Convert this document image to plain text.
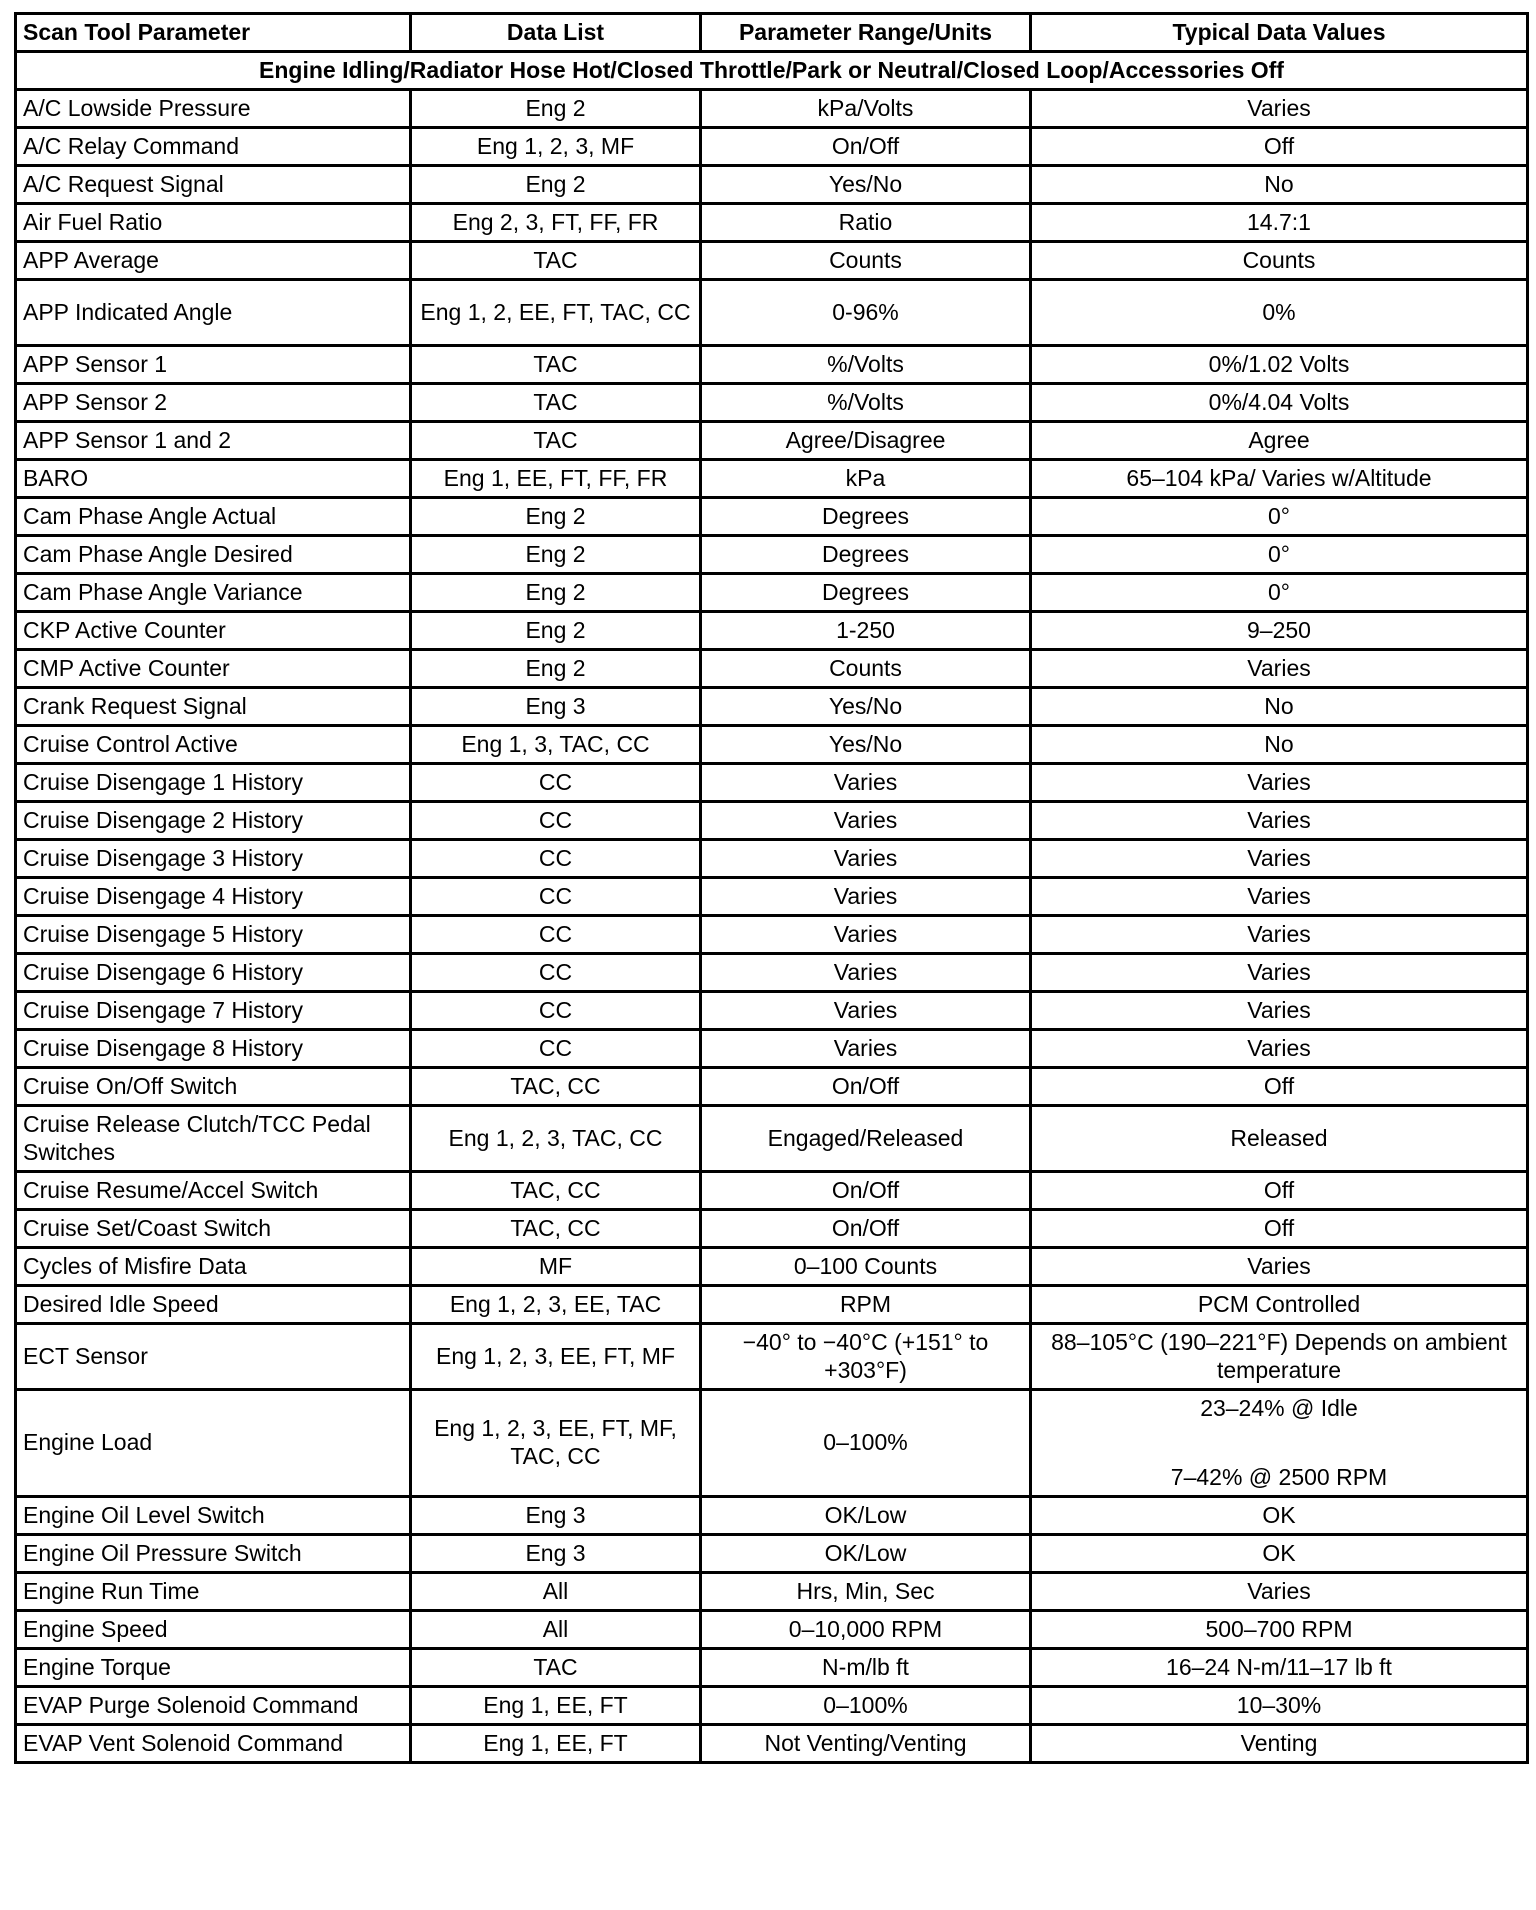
Scan Tool Parameter	Data List	Parameter Range/Units	Typical Data Values
Engine Idling/Radiator Hose Hot/Closed Throttle/Park or Neutral/Closed Loop/Accessories Off			
A/C Lowside Pressure	Eng 2	kPa/Volts	Varies
A/C Relay Command	Eng 1, 2, 3, MF	On/Off	Off
A/C Request Signal	Eng 2	Yes/No	No
Air Fuel Ratio	Eng 2, 3, FT, FF, FR	Ratio	14.7:1
APP Average	TAC	Counts	Counts
APP Indicated Angle	Eng 1, 2, EE, FT, TAC, CC	0-96%	0%
APP Sensor 1	TAC	%/Volts	0%/1.02 Volts
APP Sensor 2	TAC	%/Volts	0%/4.04 Volts
APP Sensor 1 and 2	TAC	Agree/Disagree	Agree
BARO	Eng 1, EE, FT, FF, FR	kPa	65–104 kPa/ Varies w/Altitude
Cam Phase Angle Actual	Eng 2	Degrees	0°
Cam Phase Angle Desired	Eng 2	Degrees	0°
Cam Phase Angle Variance	Eng 2	Degrees	0°
CKP Active Counter	Eng 2	1-250	9–250
CMP Active Counter	Eng 2	Counts	Varies
Crank Request Signal	Eng 3	Yes/No	No
Cruise Control Active	Eng 1, 3, TAC, CC	Yes/No	No
Cruise Disengage 1 History	CC	Varies	Varies
Cruise Disengage 2 History	CC	Varies	Varies
Cruise Disengage 3 History	CC	Varies	Varies
Cruise Disengage 4 History	CC	Varies	Varies
Cruise Disengage 5 History	CC	Varies	Varies
Cruise Disengage 6 History	CC	Varies	Varies
Cruise Disengage 7 History	CC	Varies	Varies
Cruise Disengage 8 History	CC	Varies	Varies
Cruise On/Off Switch	TAC, CC	On/Off	Off
Cruise Release Clutch/TCC Pedal Switches	Eng 1, 2, 3, TAC, CC	Engaged/Released	Released
Cruise Resume/Accel Switch	TAC, CC	On/Off	Off
Cruise Set/Coast Switch	TAC, CC	On/Off	Off
Cycles of Misfire Data	MF	0–100 Counts	Varies
Desired Idle Speed	Eng 1, 2, 3, EE, TAC	RPM	PCM Controlled
ECT Sensor	Eng 1, 2, 3, EE, FT, MF	−40° to −40°C (+151° to +303°F)	88–105°C (190–221°F) Depends on ambient temperature
Engine Load	Eng 1, 2, 3, EE, FT, MF, TAC, CC	0–100%	23–24% @ Idle
7–42% @ 2500 RPM

Engine Oil Level Switch	Eng 3	OK/Low	OK
Engine Oil Pressure Switch	Eng 3	OK/Low	OK
Engine Run Time	All	Hrs, Min, Sec	Varies
Engine Speed	All	0–10,000 RPM	500–700 RPM
Engine Torque	TAC	N-m/lb ft	16–24 N-m/11–17 lb ft
EVAP Purge Solenoid Command	Eng 1, EE, FT	0–100%	10–30%
EVAP Vent Solenoid Command	Eng 1, EE, FT	Not Venting/Venting	Venting
